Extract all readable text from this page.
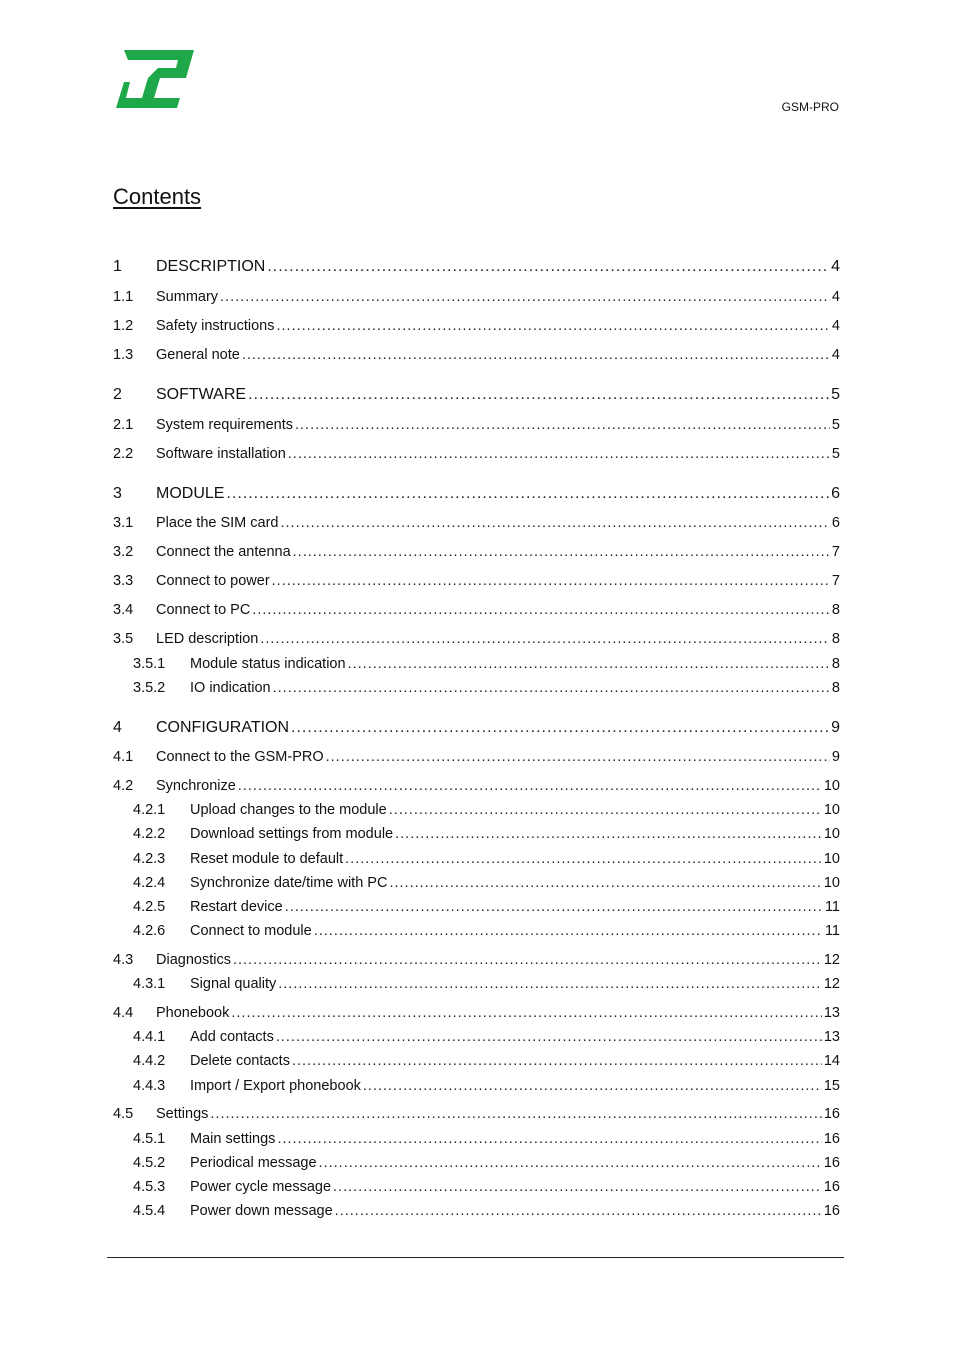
GSM-PRO
Contents
1	DESCRIPTION .....	4
1.1	Summary .....	4
1.2	Safety instructions .....	4
1.3	General note .....	4
2	SOFTWARE .....	5
2.1	System requirements .....	5
2.2	Software installation .....	5
3	MODULE .....	6
3.1	Place the SIM card .....	6
3.2	Connect the antenna .....	7
3.3	Connect to power .....	7
3.4	Connect to PC .....	8
3.5	LED description .....	8
3.5.1	Module status indication .....	8
3.5.2	IO indication .....	8
4	CONFIGURATION .....	9
4.1	Connect to the GSM-PRO .....	9
4.2	Synchronize .....	10
4.2.1	Upload changes to the module .....	10
4.2.2	Download settings from module .....	10
4.2.3	Reset module to default .....	10
4.2.4	Synchronize date/time with PC .....	10
4.2.5	Restart device .....	11
4.2.6	Connect to module .....	11
4.3	Diagnostics .....	12
4.3.1	Signal quality .....	12
4.4	Phonebook .....	13
4.4.1	Add contacts .....	13
4.4.2	Delete contacts .....	14
4.4.3	Import / Export phonebook .....	15
4.5	Settings .....	16
4.5.1	Main settings .....	16
4.5.2	Periodical message .....	16
4.5.3	Power cycle message .....	16
4.5.4	Power down message .....	16
